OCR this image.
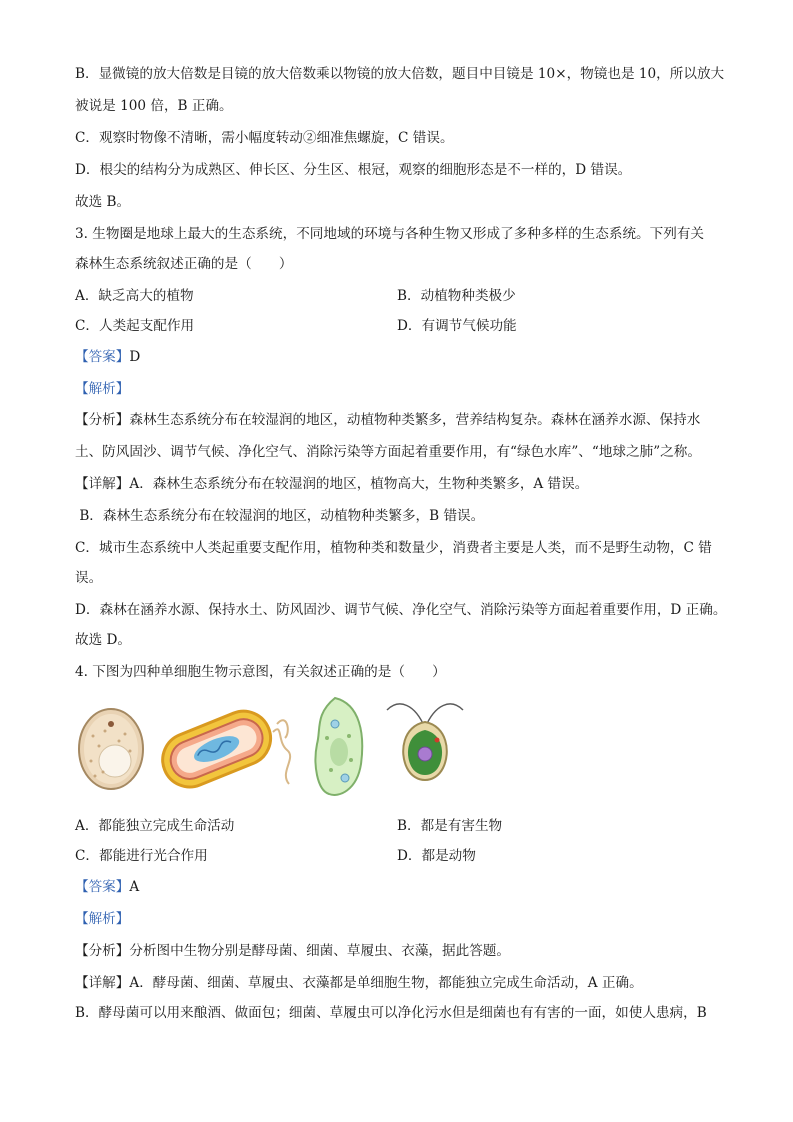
B．显微镜的放大倍数是目镜的放大倍数乘以物镜的放大倍数，题目中目镜是 10×，物镜也是 10，所以放大
被说是 100 倍，B 正确。
C．观察时物像不清晰，需小幅度转动②细准焦螺旋，C 错误。
D．根尖的结构分为成熟区、伸长区、分生区、根冠，观察的细胞形态是不一样的，D 错误。
故选 B。
3. 生物圈是地球上最大的生态系统，不同地域的环境与各种生物又形成了多种多样的生态系统。下列有关
森林生态系统叙述正确的是（　　）
A．缺乏高大的植物	B．动植物种类极少
C．人类起支配作用	D．有调节气候功能
【答案】D
【解析】
【分析】森林生态系统分布在较湿润的地区，动植物种类繁多，营养结构复杂。森林在涵养水源、保持水
土、防风固沙、调节气候、净化空气、消除污染等方面起着重要作用，有“绿色水库”、“地球之肺”之称。
【详解】A．森林生态系统分布在较湿润的地区，植物高大，生物种类繁多，A 错误。
B．森林生态系统分布在较湿润的地区，动植物种类繁多，B 错误。
C．城市生态系统中人类起重要支配作用，植物种类和数量少，消费者主要是人类，而不是野生动物，C 错
误。
D．森林在涵养水源、保持水土、防风固沙、调节气候、净化空气、消除污染等方面起着重要作用，D 正确。
故选 D。
4. 下图为四种单细胞生物示意图，有关叙述正确的是（　　）
A．都能独立完成生命活动	B．都是有害生物
C．都能进行光合作用	D．都是动物
【答案】A
【解析】
【分析】分析图中生物分别是酵母菌、细菌、草履虫、衣藻，据此答题。
【详解】A．酵母菌、细菌、草履虫、衣藻都是单细胞生物，都能独立完成生命活动，A 正确。
B．酵母菌可以用来酿酒、做面包；细菌、草履虫可以净化污水但是细菌也有有害的一面，如使人患病，B
